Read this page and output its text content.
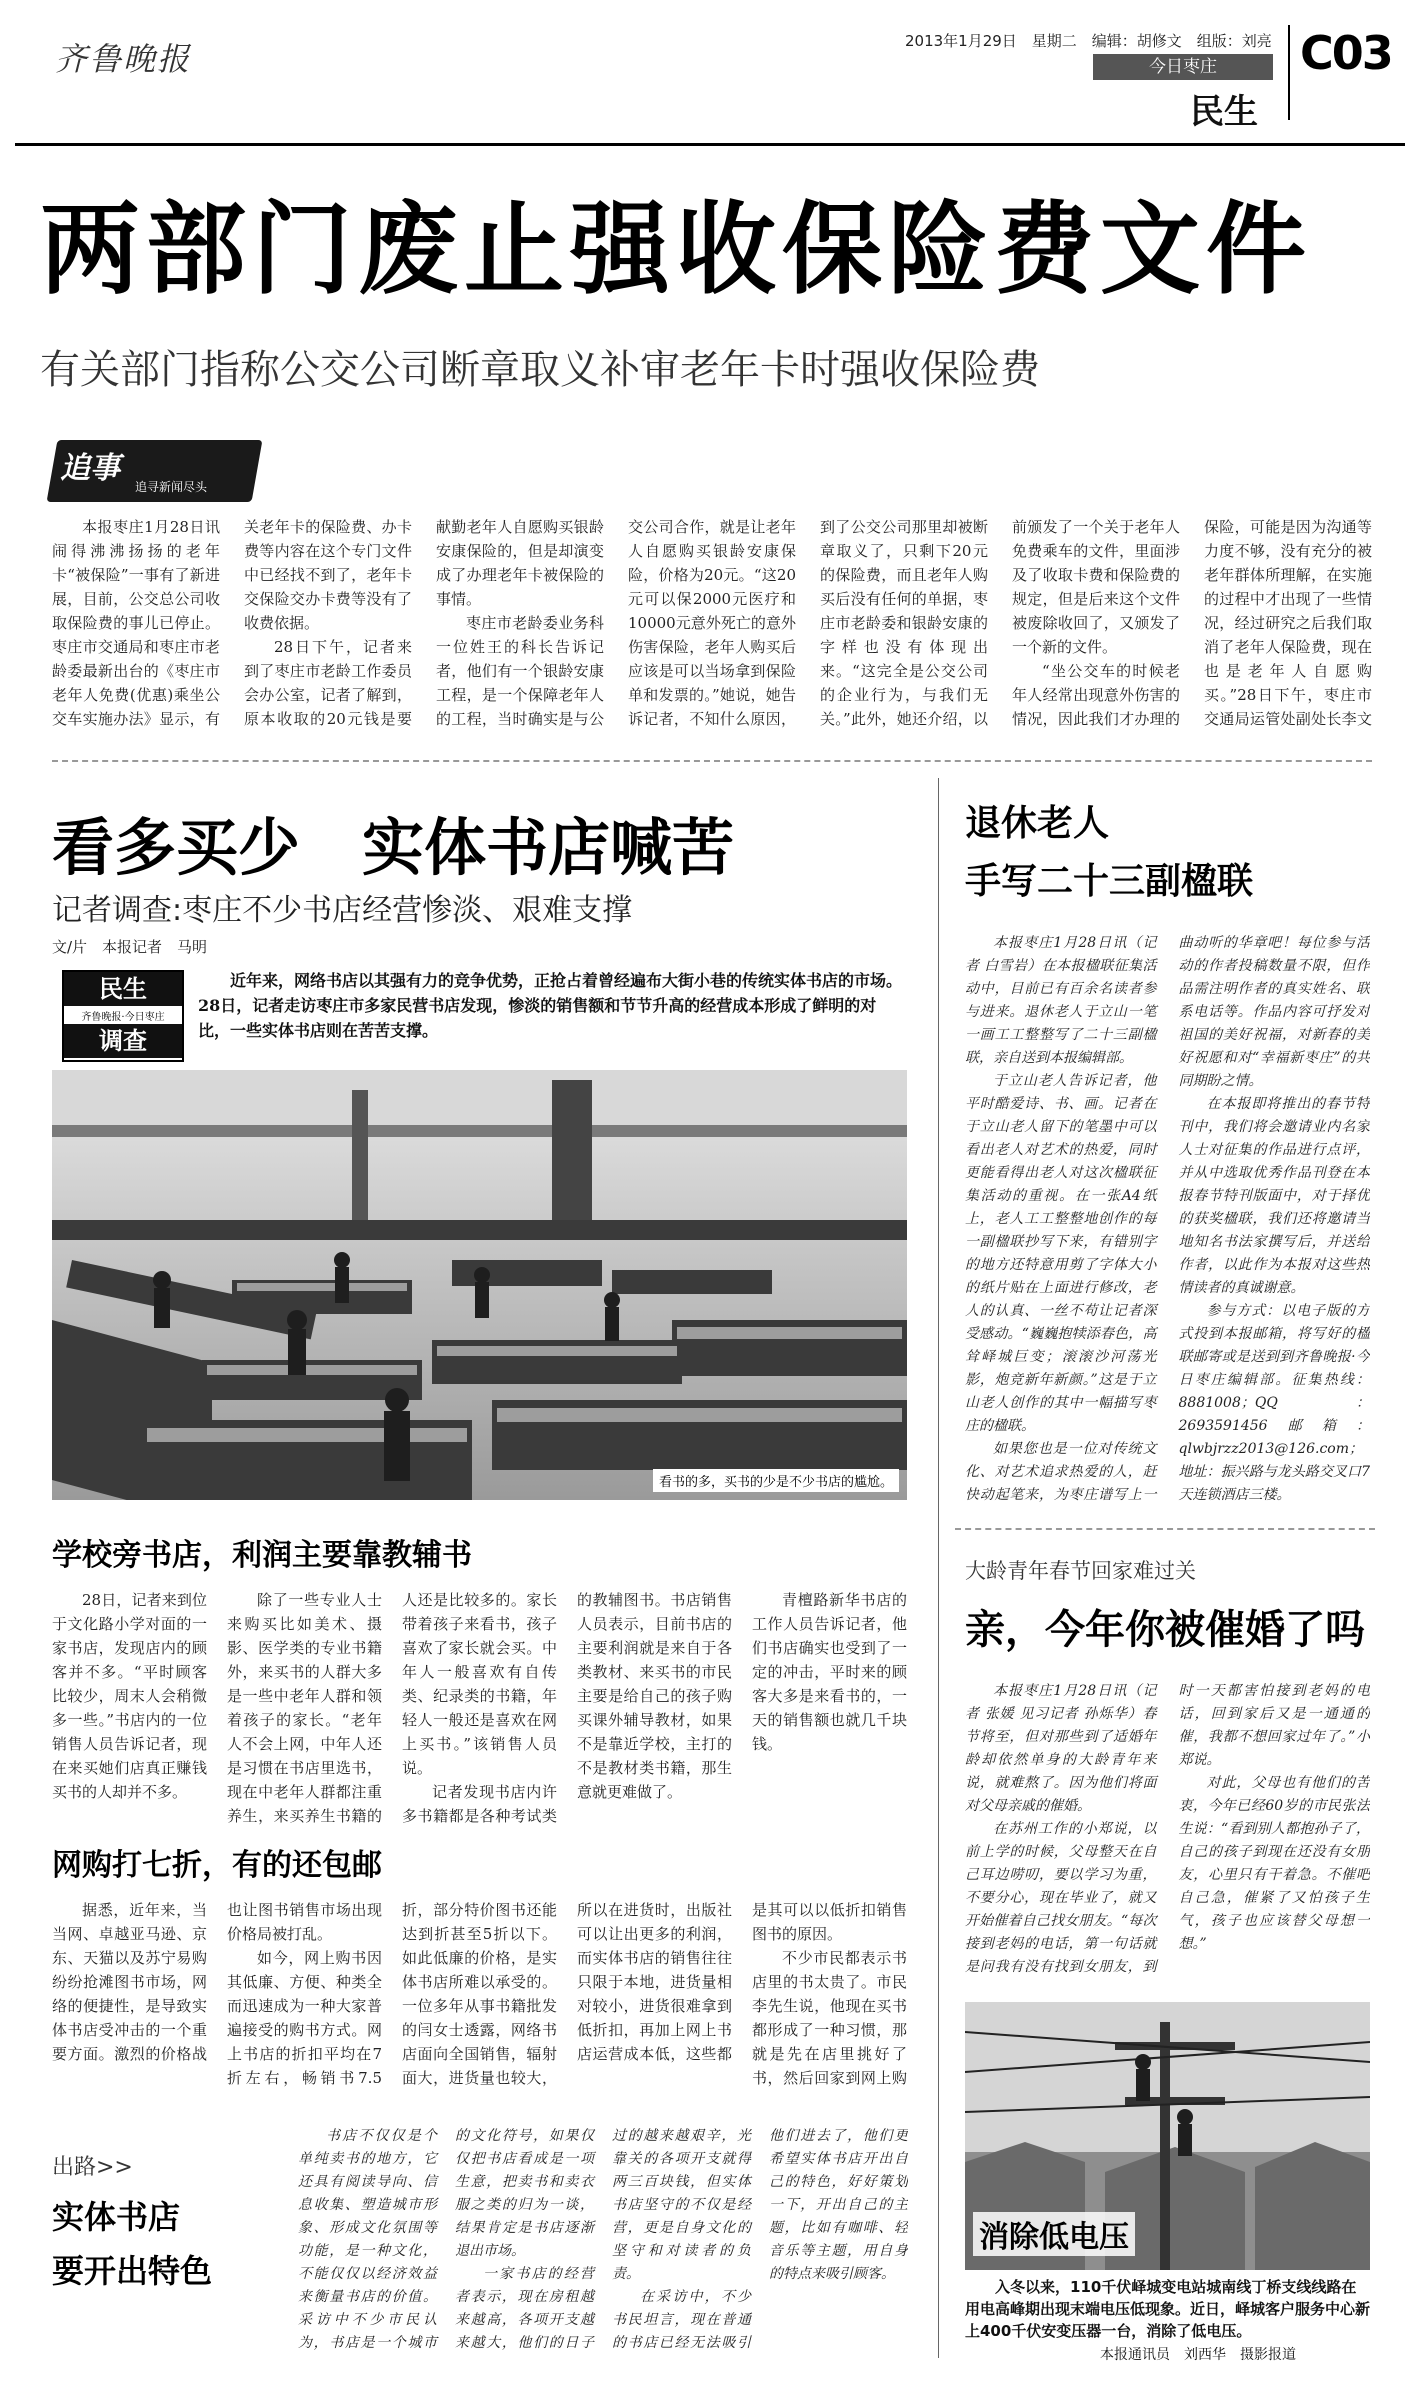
齐鲁晚报	2013年1月29日　星期二　编辑：胡修文　组版：刘亮
今日枣庄
民生
C03
两部门废止强收保险费文件
有关部门指称公交公司断章取义补审老年卡时强收保险费
追事
追寻新闻尽头

本报枣庄1月28日讯　闹得沸沸扬扬的老年卡“被保险”一事有了新进展，目前，公交总公司收取保险费的事儿已停止。枣庄市交通局和枣庄市老龄委最新出台的《枣庄市老年人免费(优惠)乘坐公交车实施办法》显示，有关老年卡的保险费、办卡费等内容在这个专门文件中已经找不到了，老年卡交保险交办卡费等没有了收费依据。

28日下午，记者来到了枣庄市老龄工作委员会办公室，记者了解到，原本收取的20元钱是要献勤老年人自愿购买银龄安康保险的，但是却演变成了办理老年卡被保险的事情。

枣庄市老龄委业务科一位姓王的科长告诉记者，他们有一个银龄安康工程，是一个保障老年人的工程，当时确实是与公交公司合作，就是让老年人自愿购买银龄安康保险，价格为20元。“这20元可以保2000元医疗和10000元意外死亡的意外伤害保险，老年人购买后应该是可以当场拿到保险单和发票的。”她说，她告诉记者，不知什么原因，到了公交公司那里却被断章取义了，只剩下20元的保险费，而且老年人购买后没有任何的单据，枣庄市老龄委和银龄安康的字样也没有体现出来。“这完全是公交公司的企业行为，与我们无关。”此外，她还介绍，以前颁发了一个关于老年人免费乘车的文件，里面涉及了收取卡费和保险费的规定，但是后来这个文件被废除收回了，又颁发了一个新的文件。

“坐公交车的时候老年人经常出现意外伤害的情况，因此我们才办理的保险，可能是因为沟通等力度不够，没有充分的被老年群体所理解，在实施的过程中才出现了一些情况，经过研究之后我们取消了老年人保险费，现在也是老年人自愿购买。”28日下午，枣庄市交通局运管处副处长李文

看多买少　实体书店喊苦
记者调查:枣庄不少书店经营惨淡、艰难支撑
文/片　本报记者　马明
民生
齐鲁晚报·今日枣庄
调查
近年来，网络书店以其强有力的竞争优势，正抢占着曾经遍布大街小巷的传统实体书店的市场。28日，记者走访枣庄市多家民营书店发现，惨淡的销售额和节节升高的经营成本形成了鲜明的对比，一些实体书店则在苦苦支撑。
看书的多，买书的少是不少书店的尴尬。
学校旁书店，利润主要靠教辅书

28日，记者来到位于文化路小学对面的一家书店，发现店内的顾客并不多。“平时顾客比较少，周末人会稍微多一些。”书店内的一位销售人员告诉记者，现在来买她们店真正赚钱买书的人却并不多。

除了一些专业人士来购买比如美术、摄影、医学类的专业书籍外，来买书的人群大多是一些中老年人群和领着孩子的家长。“老年人不会上网，中年人还是习惯在书店里选书，现在中老年人群都注重养生，来买养生书籍的人还是比较多的。家长带着孩子来看书，孩子喜欢了家长就会买。中年人一般喜欢有自传类、纪录类的书籍，年轻人一般还是喜欢在网上买书。”该销售人员说。

记者发现书店内许多书籍都是各种考试类的教辅图书。书店销售人员表示，目前书店的主要利润就是来自于各类教材、来买书的市民主要是给自己的孩子购买课外辅导教材，如果不是靠近学校，主打的不是教材类书籍，那生意就更难做了。

青檀路新华书店的工作人员告诉记者，他们书店确实也受到了一定的冲击，平时来的顾客大多是来看书的，一天的销售额也就几千块钱。

网购打七折，有的还包邮

据悉，近年来，当当网、卓越亚马逊、京东、天猫以及苏宁易购纷纷抢滩图书市场，网络的便捷性，是导致实体书店受冲击的一个重要方面。激烈的价格战也让图书销售市场出现价格局被打乱。

如今，网上购书因其低廉、方便、种类全而迅速成为一种大家普遍接受的购书方式。网上书店的折扣平均在7折左右，畅销书7.5折，部分特价图书还能达到折甚至5折以下。如此低廉的价格，是实体书店所难以承受的。一位多年从事书籍批发的闫女士透露，网络书店面向全国销售，辐射面大，进货量也较大，所以在进货时，出版社可以让出更多的利润，而实体书店的销售往往只限于本地，进货量相对较小，进货很难拿到低折扣，再加上网上书店运营成本低，这些都是其可以以低折扣销售图书的原因。

不少市民都表示书店里的书太贵了。市民李先生说，他现在买书都形成了一种习惯，那就是先在店里挑好了书，然后回家到网上购

出路>>
实体书店
要开出特色

书店不仅仅是个单纯卖书的地方，它还具有阅读导向、信息收集、塑造城市形象、形成文化氛围等功能，是一种文化，不能仅仅以经济效益来衡量书店的价值。采访中不少市民认为，书店是一个城市的文化符号，如果仅仅把书店看成是一项生意，把卖书和卖衣服之类的归为一谈，结果肯定是书店逐渐退出市场。

一家书店的经营者表示，现在房租越来越高，各项开支越来越大，他们的日子过的越来越艰辛，光靠关的各项开支就得两三百块钱，但实体书店坚守的不仅是经营，更是自身文化的坚守和对读者的负责。

在采访中，不少书民坦言，现在普通的书店已经无法吸引他们进去了，他们更希望实体书店开出自己的特色，好好策划一下，开出自己的主题，比如有咖啡、轻音乐等主题，用自身的特点来吸引顾客。

退休老人
手写二十三副楹联

本报枣庄1月28日讯（记者 白雪岩）在本报楹联征集活动中，目前已有百余名读者参与进来。退休老人于立山一笔一画工工整整写了二十三副楹联，亲自送到本报编辑部。

于立山老人告诉记者，他平时酷爱诗、书、画。记者在于立山老人留下的笔墨中可以看出老人对艺术的热爱，同时更能看得出老人对这次楹联征集活动的重视。在一张A4纸上，老人工工整整地创作的每一副楹联抄写下来，有错别字的地方还特意用剪了字体大小的纸片贴在上面进行修改，老人的认真、一丝不苟让记者深受感动。“巍巍抱犊添春色，高耸峄城巨变；滚滚沙河荡光影，炮竞新年新颜。”这是于立山老人创作的其中一幅描写枣庄的楹联。

如果您也是一位对传统文化、对艺术追求热爱的人，赶快动起笔来，为枣庄谱写上一曲动听的华章吧！每位参与活动的作者投稿数量不限，但作品需注明作者的真实姓名、联系电话等。作品内容可抒发对祖国的美好祝福，对新春的美好祝愿和对“幸福新枣庄”的共同期盼之情。

在本报即将推出的春节特刊中，我们将会邀请业内名家人士对征集的作品进行点评，并从中选取优秀作品刊登在本报春节特刊版面中，对于择优的获奖楹联，我们还将邀请当地知名书法家撰写后，并送给作者，以此作为本报对这些热情读者的真诚谢意。

参与方式：以电子版的方式投到本报邮箱，将写好的楹联邮寄或是送到到齐鲁晚报·今日枣庄编辑部。征集热线：8881008；QQ：2693591456邮箱：qlwbjrzz2013@126.com；地址：振兴路与龙头路交叉口7天连锁酒店三楼。

大龄青年春节回家难过关
亲，今年你被催婚了吗

本报枣庄1月28日讯（记者 张媛 见习记者 孙烁华）春节将至，但对那些到了适婚年龄却依然单身的大龄青年来说，就难熬了。因为他们将面对父母亲戚的催婚。

在苏州工作的小郑说，以前上学的时候，父母整天在自己耳边唠叨，要以学习为重，不要分心，现在毕业了，就又开始催着自己找女朋友。“每次接到老妈的电话，第一句话就是问我有没有找到女朋友，到时一天都害怕接到老妈的电话，回到家后又是一通通的催，我都不想回家过年了。”小郑说。

对此，父母也有他们的苦衷，今年已经60岁的市民张法生说：“看到别人都抱孙子了，自己的孩子到现在还没有女朋友，心里只有干着急。不催吧自己急，催紧了又怕孩子生气，孩子也应该替父母想一想。”

消除低电压
入冬以来，110千伏峄城变电站城南线丁桥支线线路在用电高峰期出现末端电压低现象。近日，峄城客户服务中心新上400千伏安变压器一台，消除了低电压。
本报通讯员　刘西华　摄影报道
